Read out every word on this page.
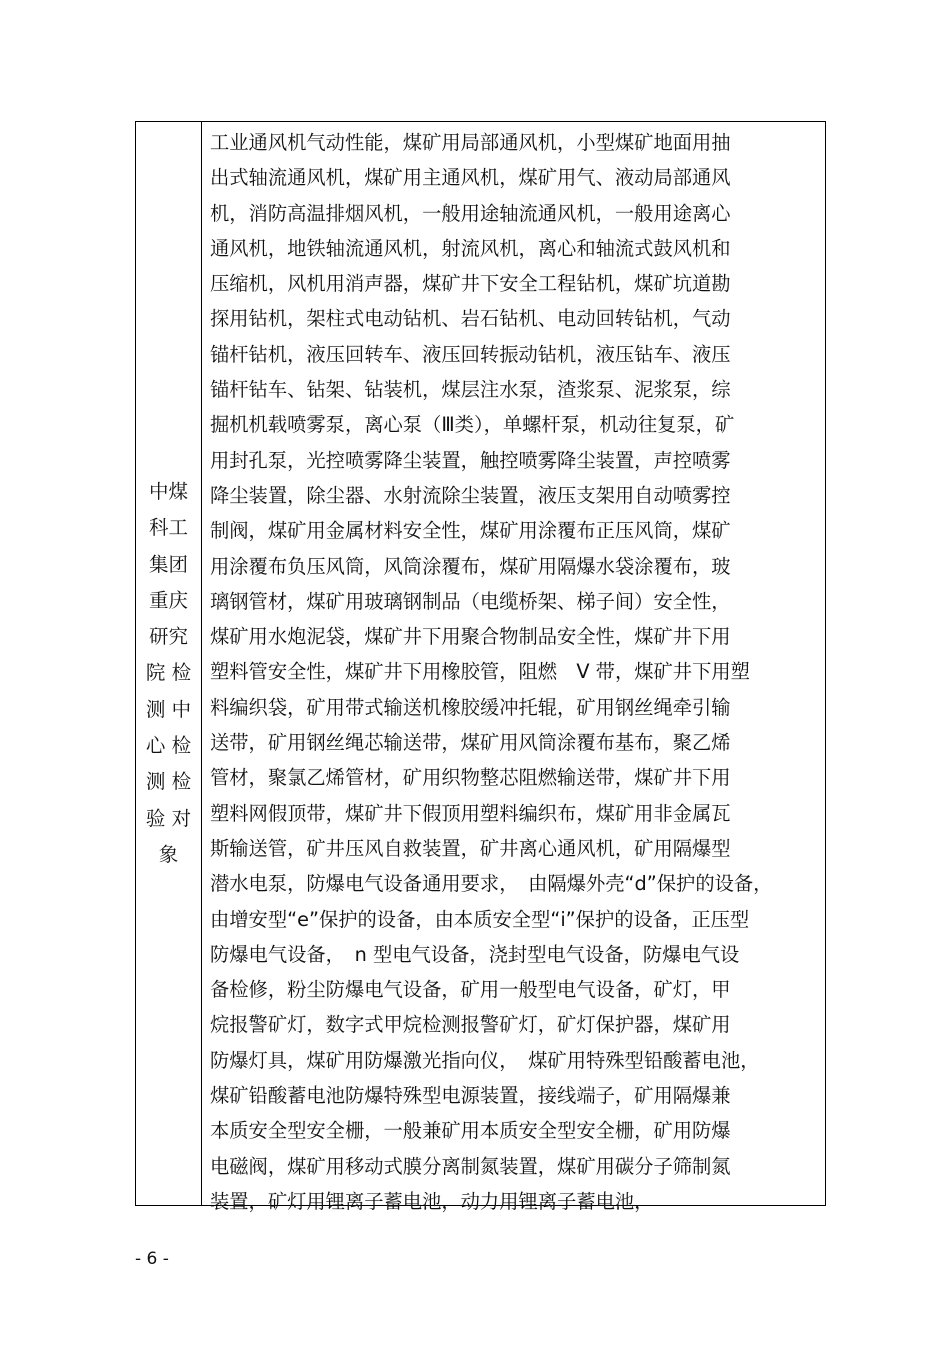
中煤
科工
集团
重庆
研究
院 检
测 中
心 检
测 检
验 对
象
工业通风机气动性能，煤矿用局部通风机，小型煤矿地面用抽
出式轴流通风机，煤矿用主通风机，煤矿用气、液动局部通风
机，消防高温排烟风机，一般用途轴流通风机，一般用途离心
通风机，地铁轴流通风机，射流风机，离心和轴流式鼓风机和
压缩机，风机用消声器，煤矿井下安全工程钻机，煤矿坑道勘
探用钻机，架柱式电动钻机、岩石钻机、电动回转钻机，气动
锚杆钻机，液压回转车、液压回转振动钻机，液压钻车、液压
锚杆钻车、钻架、钻装机，煤层注水泵，渣浆泵、泥浆泵，综
掘机机载喷雾泵，离心泵（Ⅲ类），单螺杆泵，机动往复泵，矿
用封孔泵，光控喷雾降尘装置，触控喷雾降尘装置，声控喷雾
降尘装置，除尘器、水射流除尘装置，液压支架用自动喷雾控
制阀，煤矿用金属材料安全性，煤矿用涂覆布正压风筒，煤矿
用涂覆布负压风筒，风筒涂覆布，煤矿用隔爆水袋涂覆布，玻
璃钢管材，煤矿用玻璃钢制品（电缆桥架、梯子间）安全性，
煤矿用水炮泥袋，煤矿井下用聚合物制品安全性，煤矿井下用
塑料管安全性，煤矿井下用橡胶管，阻燃　V 带，煤矿井下用塑
料编织袋，矿用带式输送机橡胶缓冲托辊，矿用钢丝绳牵引输
送带，矿用钢丝绳芯输送带，煤矿用风筒涂覆布基布，聚乙烯
管材，聚氯乙烯管材，矿用织物整芯阻燃输送带，煤矿井下用
塑料网假顶带，煤矿井下假顶用塑料编织布，煤矿用非金属瓦
斯输送管，矿井压风自救装置，矿井离心通风机，矿用隔爆型
潜水电泵，防爆电气设备通用要求，　由隔爆外壳“d”保护的设备，
由增安型“e”保护的设备，由本质安全型“i”保护的设备，正压型
防爆电气设备，　n 型电气设备，浇封型电气设备，防爆电气设
备检修，粉尘防爆电气设备，矿用一般型电气设备，矿灯，甲
烷报警矿灯，数字式甲烷检测报警矿灯，矿灯保护器，煤矿用
防爆灯具，煤矿用防爆激光指向仪，　煤矿用特殊型铅酸蓄电池，
煤矿铅酸蓄电池防爆特殊型电源装置，接线端子，矿用隔爆兼
本质安全型安全栅，一般兼矿用本质安全型安全栅，矿用防爆
电磁阀，煤矿用移动式膜分离制氮装置，煤矿用碳分子筛制氮
装置，矿灯用锂离子蓄电池，动力用锂离子蓄电池，
- 6 -
